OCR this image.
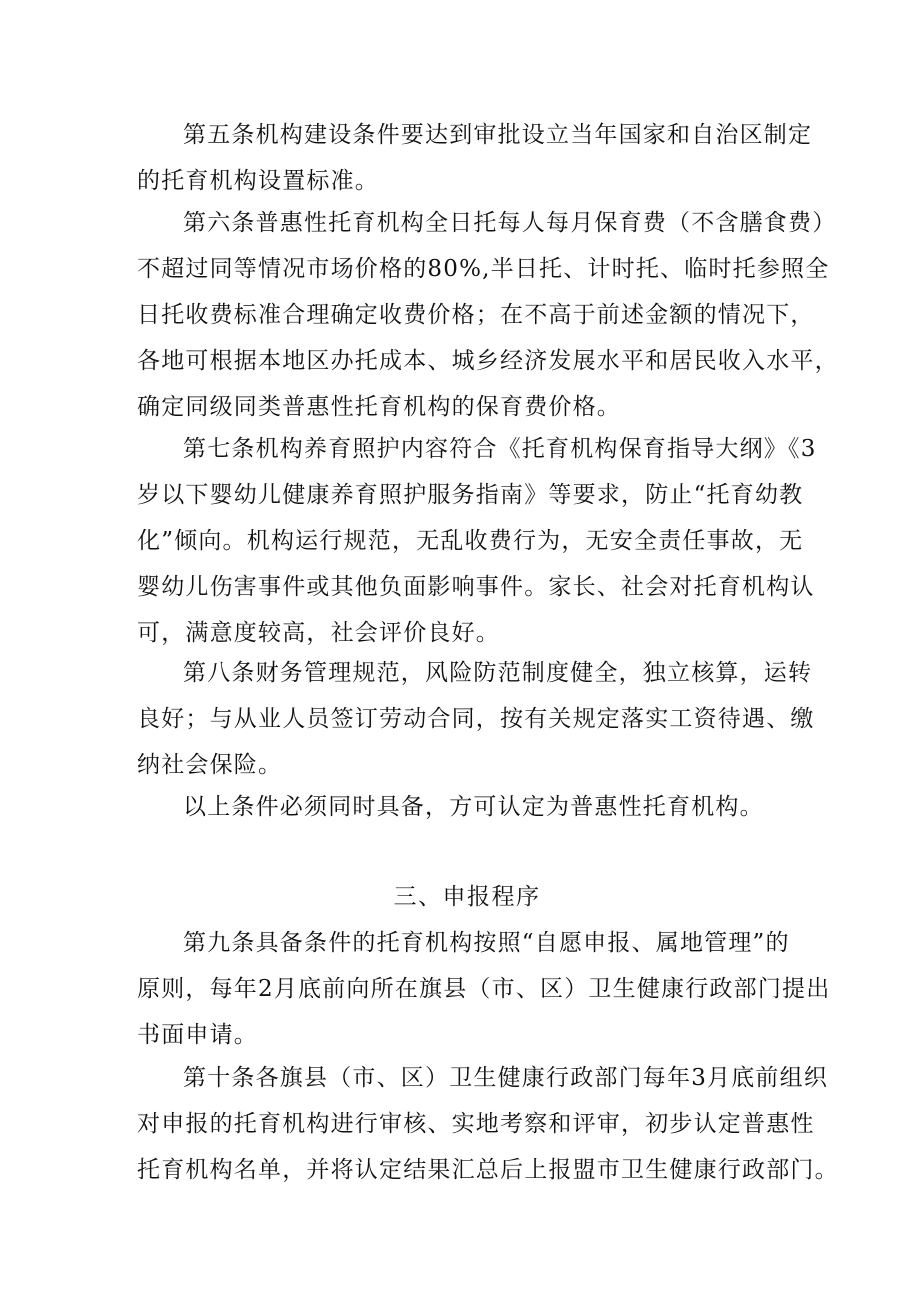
第五条机构建设条件要达到审批设立当年国家和自治区制定
的托育机构设置标准。

第六条普惠性托育机构全日托每人每月保育费（不含膳食费）
不超过同等情况市场价格的80%,半日托、计时托、临时托参照全
日托收费标准合理确定收费价格；在不高于前述金额的情况下，
各地可根据本地区办托成本、城乡经济发展水平和居民收入水平，
确定同级同类普惠性托育机构的保育费价格。

第七条机构养育照护内容符合《托育机构保育指导大纲》《3
岁以下婴幼儿健康养育照护服务指南》等要求，防止“托育幼教
化”倾向。机构运行规范，无乱收费行为，无安全责任事故，无
婴幼儿伤害事件或其他负面影响事件。家长、社会对托育机构认
可，满意度较高，社会评价良好。

第八条财务管理规范，风险防范制度健全，独立核算，运转
良好；与从业人员签订劳动合同，按有关规定落实工资待遇、缴
纳社会保险。

以上条件必须同时具备，方可认定为普惠性托育机构。

三、申报程序

第九条具备条件的托育机构按照“自愿申报、属地管理”的
原则，每年2月底前向所在旗县（市、区）卫生健康行政部门提出
书面申请。

第十条各旗县（市、区）卫生健康行政部门每年3月底前组织
对申报的托育机构进行审核、实地考察和评审，初步认定普惠性
托育机构名单，并将认定结果汇总后上报盟市卫生健康行政部门。
